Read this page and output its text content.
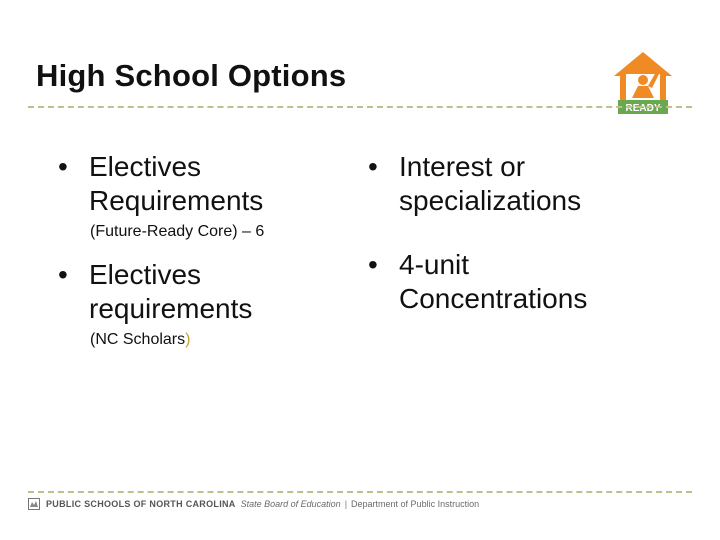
High School Options
READY
• Electives
Requirements
(Future-Ready Core) – 6
• Electives
requirements
(NC Scholars)
• Interest or
specializations
• 4-unit
Concentrations
PUBLIC SCHOOLS OF NORTH CAROLINA State Board of Education | Department of Public Instruction
